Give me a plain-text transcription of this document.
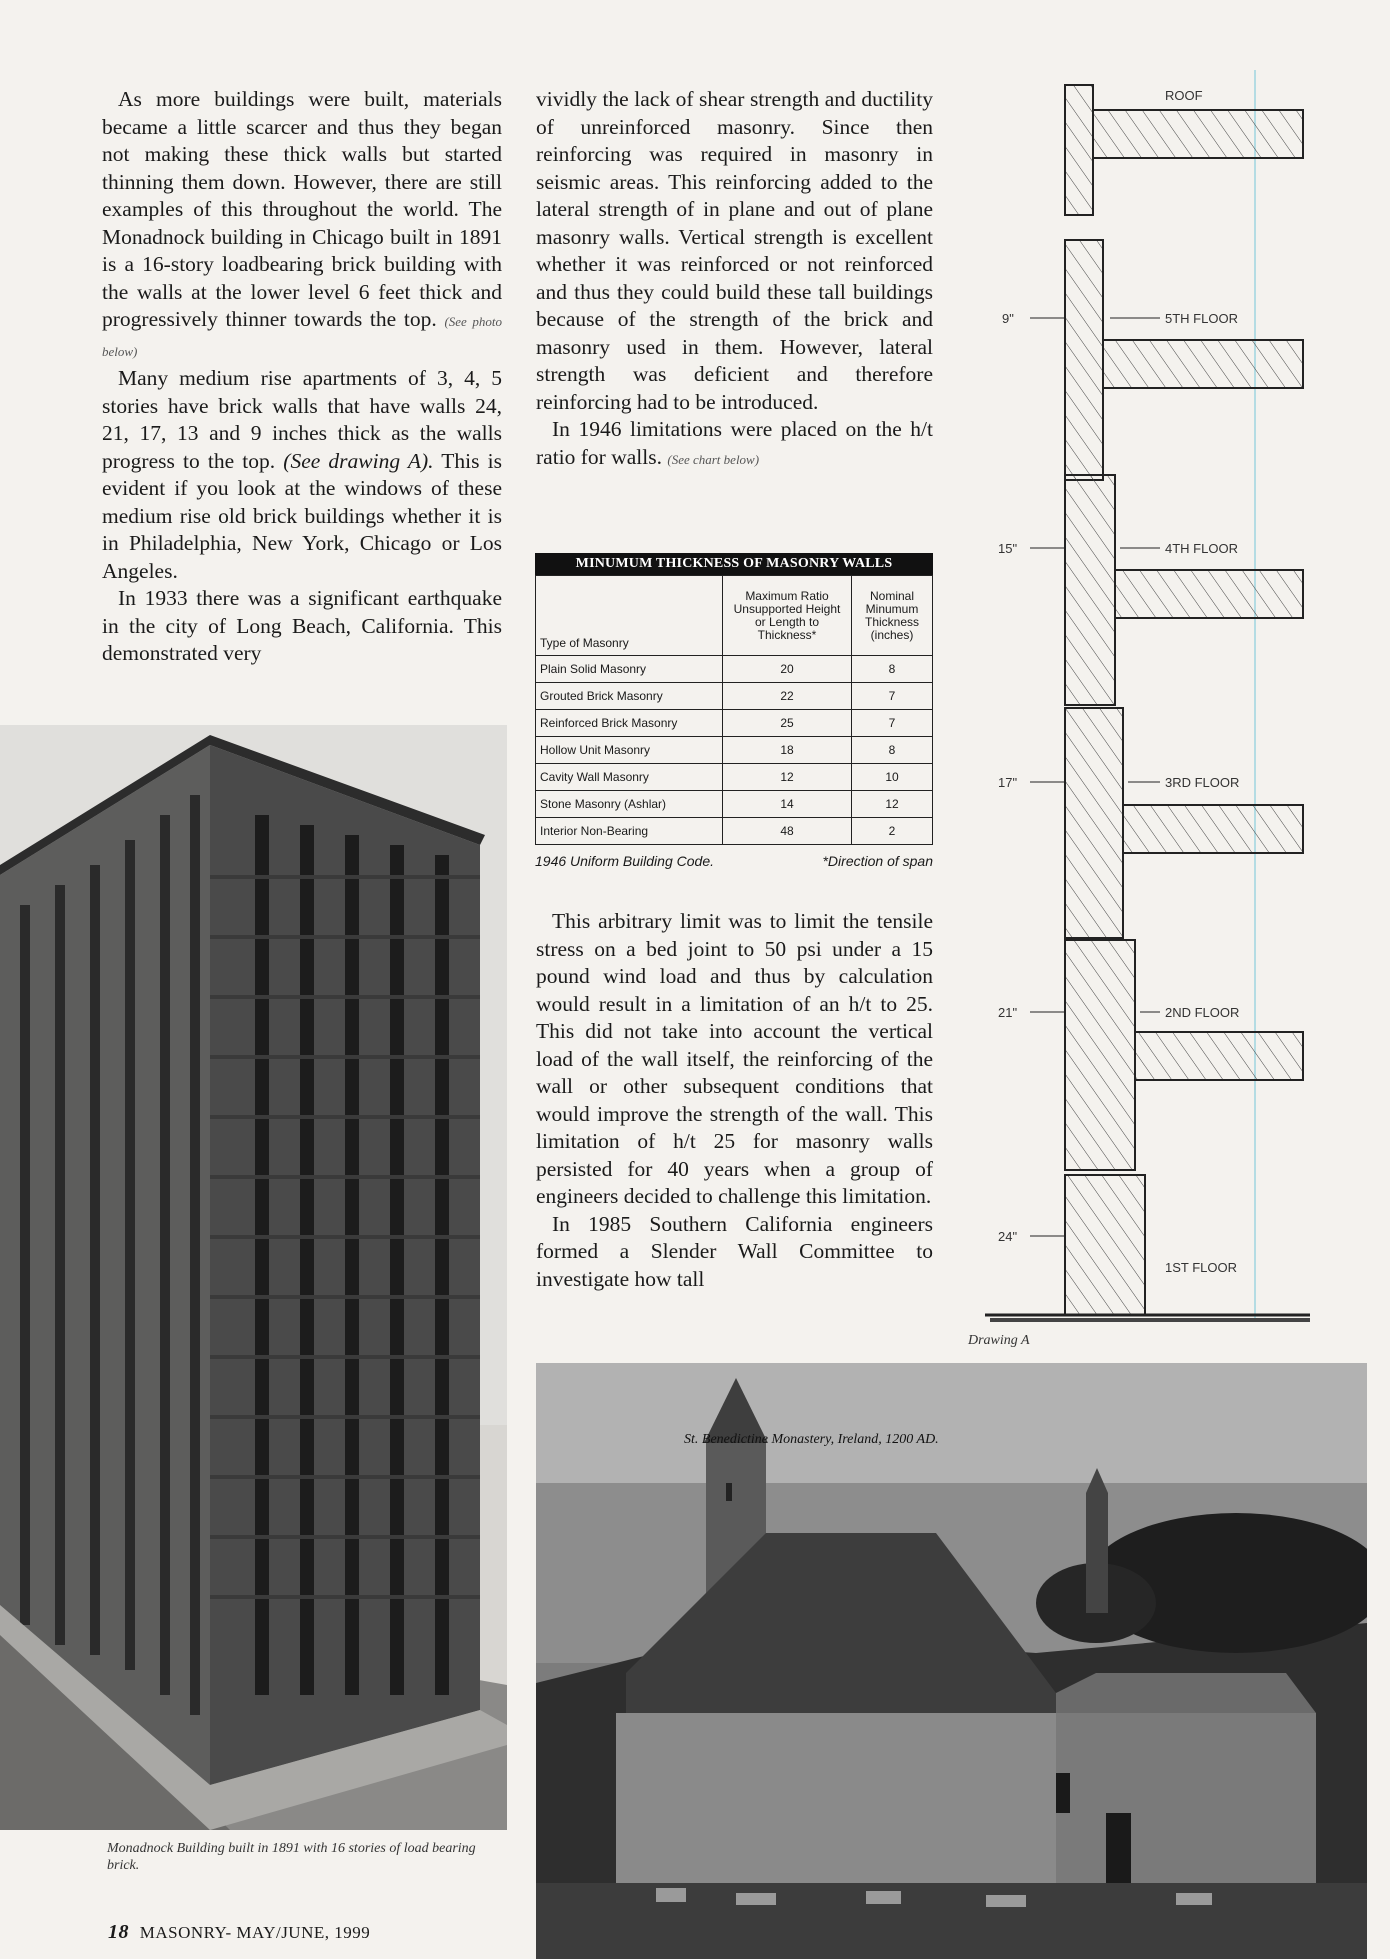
As more buildings were built, materials became a little scarcer and thus they began not making these thick walls but started thinning them down. However, there are still examples of this throughout the world. The Monadnock building in Chicago built in 1891 is a 16-story loadbearing brick building with the walls at the lower level 6 feet thick and progressively thinner towards the top. (See photo below)

Many medium rise apartments of 3, 4, 5 stories have brick walls that have walls 24, 21, 17, 13 and 9 inches thick as the walls progress to the top. (See drawing A). This is evident if you look at the windows of these medium rise old brick buildings whether it is in Philadelphia, New York, Chicago or Los Angeles.

In 1933 there was a significant earthquake in the city of Long Beach, California. This demonstrated very

vividly the lack of shear strength and ductility of unreinforced masonry. Since then reinforcing was required in masonry in seismic areas. This reinforcing added to the lateral strength of in plane and out of plane masonry walls. Vertical strength is excellent whether it was reinforced or not reinforced and thus they could build these tall buildings because of the strength of the brick and masonry used in them. However, lateral strength was deficient and therefore reinforcing had to be introduced.

In 1946 limitations were placed on the h/t ratio for walls. (See chart below)

MINUMUM THICKNESS OF MASONRY WALLS
Type of Masonry	Maximum Ratio Unsupported Height or Length to Thickness*	Nominal Minumum Thickness (inches)
Plain Solid Masonry	20	8
Grouted Brick Masonry	22	7
Reinforced Brick Masonry	25	7
Hollow Unit Masonry	18	8
Cavity Wall Masonry	12	10
Stone Masonry (Ashlar)	14	12
Interior Non-Bearing	48	2
1946 Uniform Building Code.	*Direction of span

This arbitrary limit was to limit the tensile stress on a bed joint to 50 psi under a 15 pound wind load and thus by calculation would result in a limitation of an h/t to 25. This did not take into account the vertical load of the wall itself, the reinforcing of the wall or other subsequent conditions that would improve the strength of the wall. This limitation of h/t 25 for masonry walls persisted for 40 years when a group of engineers decided to challenge this limitation.

In 1985 Southern California engineers formed a Slender Wall Committee to investigate how tall

ROOF
5TH FLOOR
4TH FLOOR
3RD FLOOR
2ND FLOOR
1ST FLOOR
9"
15"
17"
21"
24"
Drawing A
Monadnock Building built in 1891 with 16 stories of load bearing brick.
St. Benedictine Monastery, Ireland, 1200 AD.
18 MASONRY- MAY/JUNE, 1999
